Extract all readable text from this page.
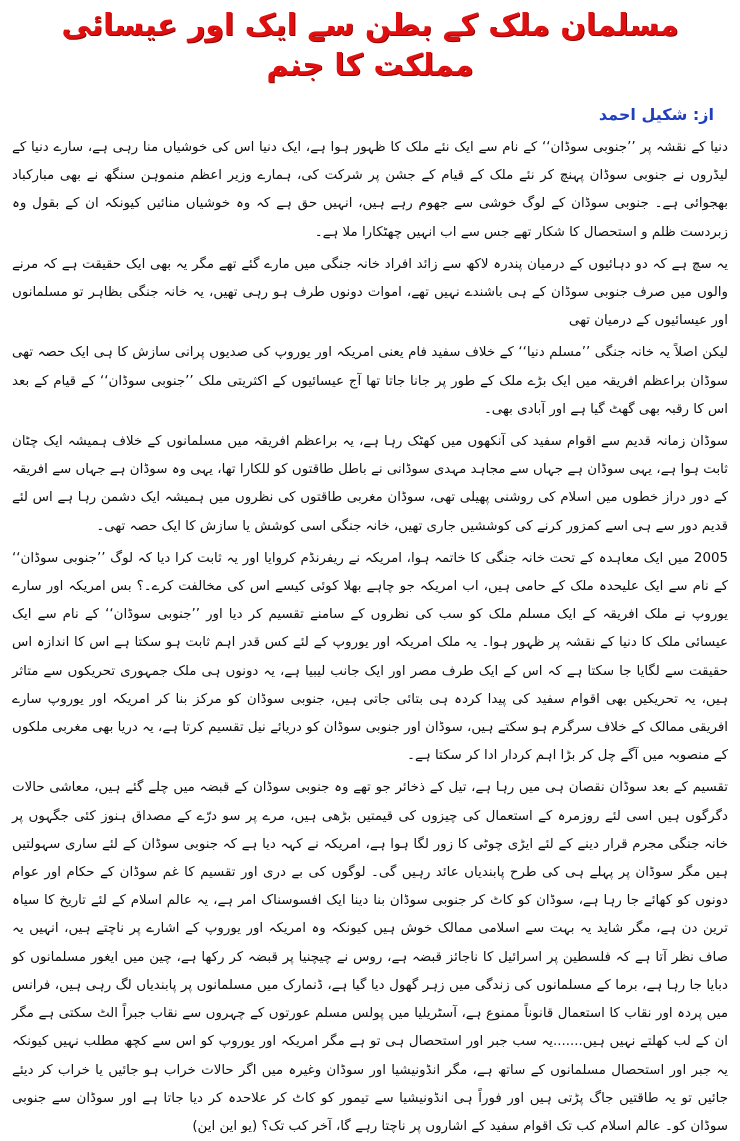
مسلمان ملک کے بطن سے ایک اور عیسائی مملکت کا جنم
از: شکیل احمد

دنیا کے نقشہ پر ’’جنوبی سوڈان‘‘ کے نام سے ایک نئے ملک کا ظہور ہوا ہے، ایک دنیا اس کی خوشیاں منا رہی ہے، سارے دنیا کے لیڈروں نے جنوبی سوڈان پہنچ کر نئے ملک کے قیام کے جشن پر شرکت کی، ہمارے وزیر اعظم منموہن سنگھ نے بھی مبارکباد بھجوائی ہے۔ جنوبی سوڈان کے لوگ خوشی سے جھوم رہے ہیں، انہیں حق ہے کہ وہ خوشیاں منائیں کیونکہ ان کے بقول وہ زبردست ظلم و استحصال کا شکار تھے جس سے اب انہیں چھٹکارا ملا ہے۔

یہ سچ ہے کہ دو دہائیوں کے درمیان پندرہ لاکھ سے زائد افراد خانہ جنگی میں مارے گئے تھے مگر یہ بھی ایک حقیقت ہے کہ مرنے والوں میں صرف جنوبی سوڈان کے ہی باشندے نہیں تھے، اموات دونوں طرف ہو رہی تھیں، یہ خانہ جنگی بظاہر تو مسلمانوں اور عیسائیوں کے درمیان تھی

لیکن اصلاً یہ خانہ جنگی ’’مسلم دنیا‘‘ کے خلاف سفید فام یعنی امریکہ اور یوروپ کی صدیوں پرانی سازش کا ہی ایک حصہ تھی سوڈان براعظم افریقہ میں ایک بڑے ملک کے طور پر جانا جاتا تھا آج عیسائیوں کے اکثریتی ملک ’’جنوبی سوڈان‘‘ کے قیام کے بعد اس کا رقبہ بھی گھٹ گیا ہے اور آبادی بھی۔

سوڈان زمانہ قدیم سے اقوام سفید کی آنکھوں میں کھٹک رہا ہے، یہ براعظم افریقہ میں مسلمانوں کے خلاف ہمیشہ ایک چٹان ثابت ہوا ہے، یہی سوڈان ہے جہاں سے مجاہد مہدی سوڈانی نے باطل طاقتوں کو للکارا تھا، یہی وہ سوڈان ہے جہاں سے افریقہ کے دور دراز خطوں میں اسلام کی روشنی پھیلی تھی، سوڈان مغربی طاقتوں کی نظروں میں ہمیشہ ایک دشمن رہا ہے اس لئے قدیم دور سے ہی اسے کمزور کرنے کی کوششیں جاری تھیں، خانہ جنگی اسی کوشش یا سازش کا ایک حصہ تھی۔

2005 میں ایک معاہدہ کے تحت خانہ جنگی کا خاتمہ ہوا، امریکہ نے ریفرنڈم کروایا اور یہ ثابت کرا دیا کہ لوگ ’’جنوبی سوڈان‘‘ کے نام سے ایک علیحدہ ملک کے حامی ہیں، اب امریکہ جو چاہے بھلا کوئی کیسے اس کی مخالفت کرے۔؟ بس امریکہ اور سارے یوروپ نے ملک افریقہ کے ایک مسلم ملک کو سب کی نظروں کے سامنے تقسیم کر دیا اور ’’جنوبی سوڈان‘‘ کے نام سے ایک عیسائی ملک کا دنیا کے نقشہ پر ظہور ہوا۔ یہ ملک امریکہ اور یوروپ کے لئے کس قدر اہم ثابت ہو سکتا ہے اس کا اندازہ اس حقیقت سے لگایا جا سکتا ہے کہ اس کے ایک طرف مصر اور ایک جانب لیبیا ہے، یہ دونوں ہی ملک جمہوری تحریکوں سے متاثر ہیں، یہ تحریکیں بھی اقوام سفید کی پیدا کردہ ہی بتائی جاتی ہیں، جنوبی سوڈان کو مرکز بنا کر امریکہ اور یوروپ سارے افریقی ممالک کے خلاف سرگرم ہو سکتے ہیں، سوڈان اور جنوبی سوڈان کو دریائے نیل تقسیم کرتا ہے، یہ دریا بھی مغربی ملکوں کے منصوبہ میں آگے چل کر بڑا اہم کردار ادا کر سکتا ہے۔

تقسیم کے بعد سوڈان نقصان ہی میں رہا ہے، تیل کے ذخائر جو تھے وہ جنوبی سوڈان کے قبضہ میں چلے گئے ہیں، معاشی حالات دگرگوں ہیں اسی لئے روزمرہ کے استعمال کی چیزوں کی قیمتیں بڑھی ہیں، مرے پر سو درّے کے مصداق ہنوز کئی جگہوں پر خانہ جنگی مجرم قرار دینے کے لئے ایڑی چوٹی کا زور لگا ہوا ہے، امریکہ نے کہہ دیا ہے کہ جنوبی سوڈان کے لئے ساری سہولتیں ہیں مگر سوڈان پر پہلے ہی کی طرح پابندیاں عائد رہیں گی۔ لوگوں کی بے دری اور تقسیم کا غم سوڈان کے حکام اور عوام دونوں کو کھائے جا رہا ہے، سوڈان کو کاٹ کر جنوبی سوڈان بنا دینا ایک افسوسناک امر ہے، یہ عالم اسلام کے لئے تاریخ کا سیاہ ترین دن ہے، مگر شاید یہ بہت سے اسلامی ممالک خوش ہیں کیونکہ وہ امریکہ اور یوروپ کے اشارے پر ناچتے ہیں، انہیں یہ صاف نظر آتا ہے کہ فلسطین پر اسرائیل کا ناجائز قبضہ ہے، روس نے چیچنیا پر قبضہ کر رکھا ہے، چین میں ایغور مسلمانوں کو دبایا جا رہا ہے، برما کے مسلمانوں کی زندگی میں زہر گھول دیا گیا ہے، ڈنمارک میں مسلمانوں پر پابندیاں لگ رہی ہیں، فرانس میں پردہ اور نقاب کا استعمال قانوناً ممنوع ہے، آسٹریلیا میں پولس مسلم عورتوں کے چہروں سے نقاب جبراً الٹ سکتی ہے مگر ان کے لب کھلتے نہیں ہیں.......یہ سب جبر اور استحصال ہی تو ہے مگر امریکہ اور یوروپ کو اس سے کچھ مطلب نہیں کیونکہ یہ جبر اور استحصال مسلمانوں کے ساتھ ہے، مگر انڈونیشیا اور سوڈان وغیرہ میں اگر حالات خراب ہو جائیں یا خراب کر دیئے جائیں تو یہ طاقتیں جاگ پڑتی ہیں اور فوراً ہی انڈونیشیا سے تیمور کو کاٹ کر علاحدہ کر دیا جاتا ہے اور سوڈان سے جنوبی سوڈان کو۔ عالم اسلام کب تک اقوام سفید کے اشاروں پر ناچتا رہے گا، آخر کب تک؟ (یو این این)
